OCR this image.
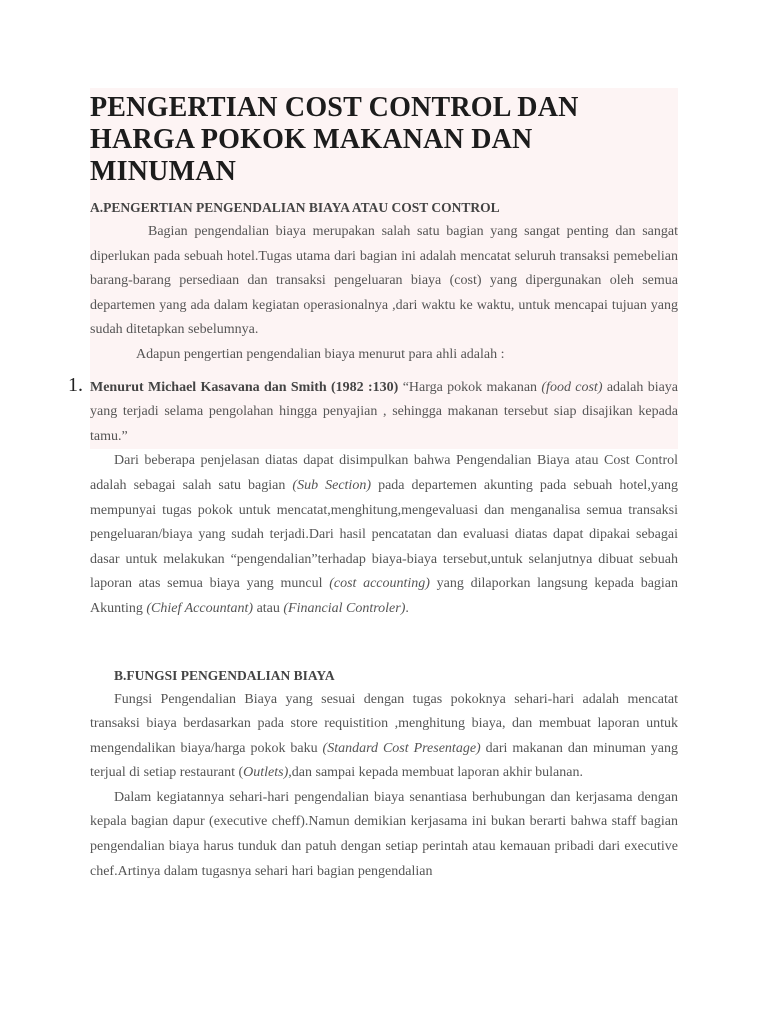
PENGERTIAN COST CONTROL DAN HARGA POKOK MAKANAN DAN MINUMAN
A.PENGERTIAN PENGENDALIAN BIAYA ATAU COST CONTROL

Bagian pengendalian biaya merupakan salah satu bagian yang sangat penting dan sangat diperlukan pada sebuah hotel.Tugas utama dari bagian ini adalah mencatat seluruh transaksi pemebelian barang-barang persediaan dan transaksi pengeluaran biaya (cost) yang dipergunakan oleh semua departemen yang ada dalam kegiatan operasionalnya ,dari waktu ke waktu, untuk mencapai tujuan yang sudah ditetapkan sebelumnya.

Adapun pengertian pengendalian biaya menurut para ahli adalah :

1. Menurut Michael Kasavana dan Smith (1982 :130) “Harga pokok makanan (food cost) adalah biaya yang terjadi selama pengolahan hingga penyajian , sehingga makanan tersebut siap disajikan kepada tamu.”

Dari beberapa penjelasan diatas dapat disimpulkan bahwa Pengendalian Biaya atau Cost Control adalah sebagai salah satu bagian (Sub Section) pada departemen akunting pada sebuah hotel,yang mempunyai tugas pokok untuk mencatat,menghitung,mengevaluasi dan menganalisa semua transaksi pengeluaran/biaya yang sudah terjadi.Dari hasil pencatatan dan evaluasi diatas dapat dipakai sebagai dasar untuk melakukan “pengendalian”terhadap biaya-biaya tersebut,untuk selanjutnya dibuat sebuah laporan atas semua biaya yang muncul (cost accounting) yang dilaporkan langsung kepada bagian Akunting (Chief Accountant) atau (Financial Controler).

B.FUNGSI PENGENDALIAN BIAYA

Fungsi Pengendalian Biaya yang sesuai dengan tugas pokoknya sehari-hari adalah mencatat transaksi biaya berdasarkan pada store requistition ,menghitung biaya, dan membuat laporan untuk mengendalikan biaya/harga pokok baku (Standard Cost Presentage) dari makanan dan minuman yang terjual di setiap restaurant (Outlets),dan sampai kepada membuat laporan akhir bulanan.

Dalam kegiatannya sehari-hari pengendalian biaya senantiasa berhubungan dan kerjasama dengan kepala bagian dapur (executive cheff).Namun demikian kerjasama ini bukan berarti bahwa staff bagian pengendalian biaya harus tunduk dan patuh dengan setiap perintah atau kemauan pribadi dari executive chef.Artinya dalam tugasnya sehari hari bagian pengendalian
